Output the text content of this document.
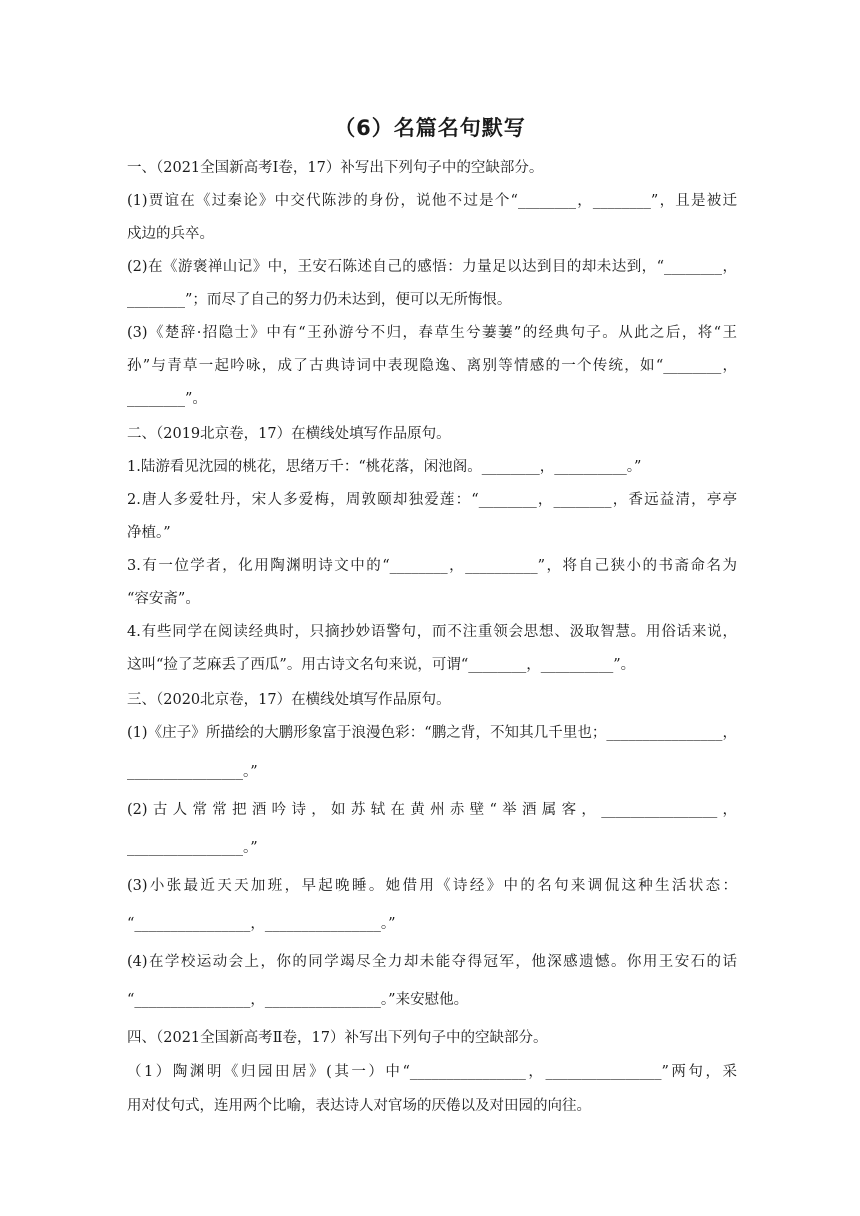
（6）名篇名句默写
一、（2021全国新高考Ⅰ卷，17）补写出下列句子中的空缺部分。
(1)贾谊在《过秦论》中交代陈涉的身份，说他不过是个“________，________”，且是被迁
戍边的兵卒。
(2)在《游褒禅山记》中，王安石陈述自己的感悟：力量足以达到目的却未达到，“________，
________”；而尽了自己的努力仍未达到，便可以无所悔恨。
(3)《楚辞·招隐士》中有“王孙游兮不归，春草生兮萋萋”的经典句子。从此之后，将“王
孙”与青草一起吟咏，成了古典诗词中表现隐逸、离别等情感的一个传统，如“________，
________”。
二、（2019北京卷，17）在横线处填写作品原句。
1.陆游看见沈园的桃花，思绪万千：“桃花落，闲池阁。________，__________。”
2.唐人多爱牡丹，宋人多爱梅，周敦颐却独爱莲：“________，________，香远益清，亭亭
净植。”
3.有一位学者，化用陶渊明诗文中的“________，__________”，将自己狭小的书斋命名为
“容安斋”。
4.有些同学在阅读经典时，只摘抄妙语警句，而不注重领会思想、汲取智慧。用俗话来说，
这叫“捡了芝麻丢了西瓜”。用古诗文名句来说，可谓“________，__________”。
三、（2020北京卷，17）在横线处填写作品原句。
(1)《庄子》所描绘的大鹏形象富于浪漫色彩：“鹏之背，不知其几千里也；________________，
________________。”
(2)古人常常把酒吟诗，如苏轼在黄州赤壁“举酒属客，________________，
________________。”
(3)小张最近天天加班，早起晚睡。她借用《诗经》中的名句来调侃这种生活状态：
“________________，________________。”
(4)在学校运动会上，你的同学竭尽全力却未能夺得冠军，他深感遗憾。你用王安石的话
“________________，________________。”来安慰他。
四、（2021全国新高考Ⅱ卷，17）补写出下列句子中的空缺部分。
（1）陶渊明《归园田居》(其一）中“________________，________________”两句，采
用对仗句式，连用两个比喻，表达诗人对官场的厌倦以及对田园的向往。
